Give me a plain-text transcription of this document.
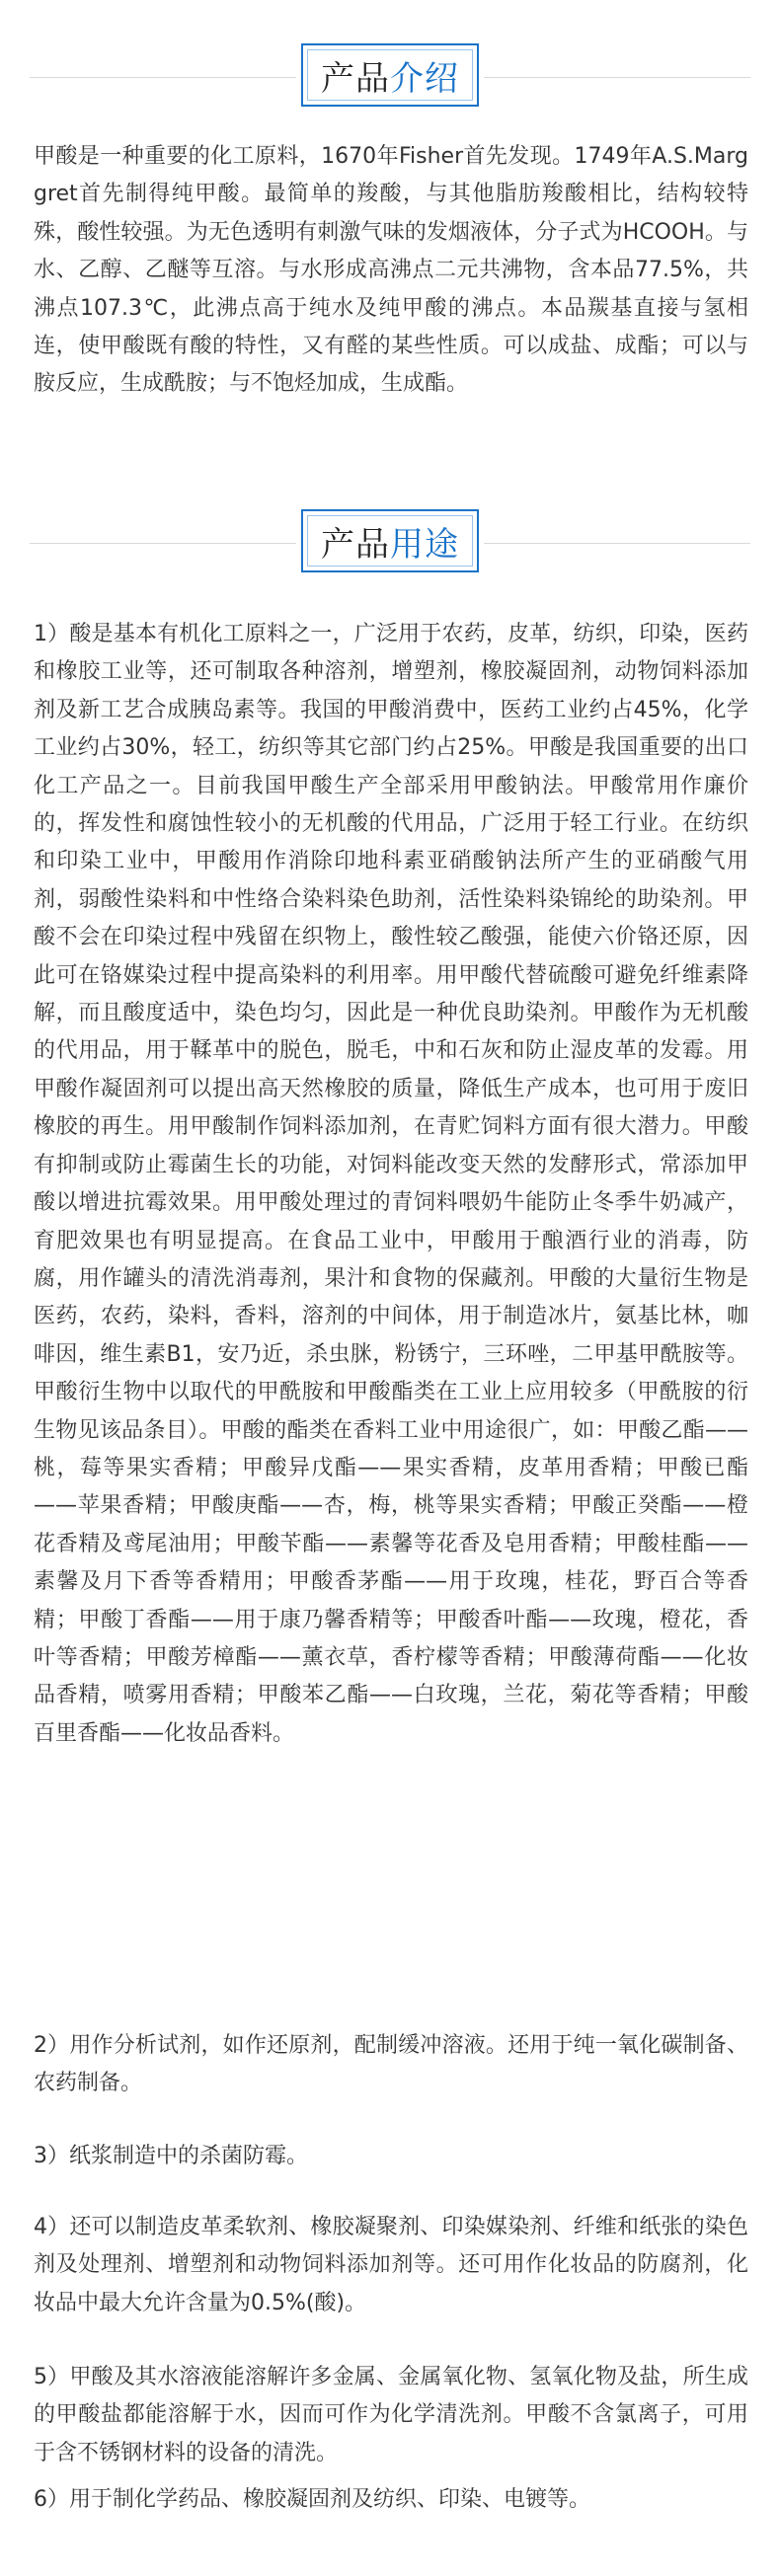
产品 介绍

甲酸是一种重要的化工原料，1670年Fisher首先发现。1749年A.S.Marggret首先制得纯甲酸。最简单的羧酸，与其他脂肪羧酸相比，结构较特殊，酸性较强。为无色透明有刺激气味的发烟液体，分子式为HCOOH。与水、乙醇、乙醚等互溶。与水形成高沸点二元共沸物，含本品77.5%，共沸点107.3℃，此沸点高于纯水及纯甲酸的沸点。本品羰基直接与氢相连，使甲酸既有酸的特性，又有醛的某些性质。可以成盐、成酯；可以与胺反应，生成酰胺；与不饱烃加成，生成酯。

产品 用途

1）酸是基本有机化工原料之一，广泛用于农药，皮革，纺织，印染，医药和橡胶工业等，还可制取各种溶剂，增塑剂，橡胶凝固剂，动物饲料添加剂及新工艺合成胰岛素等。我国的甲酸消费中，医药工业约占45%，化学工业约占30%，轻工，纺织等其它部门约占25%。甲酸是我国重要的出口化工产品之一。目前我国甲酸生产全部采用甲酸钠法。甲酸常用作廉价的，挥发性和腐蚀性较小的无机酸的代用品，广泛用于轻工行业。在纺织和印染工业中，甲酸用作消除印地科素亚硝酸钠法所产生的亚硝酸气用剂，弱酸性染料和中性络合染料染色助剂，活性染料染锦纶的助染剂。甲酸不会在印染过程中残留在织物上，酸性较乙酸强，能使六价铬还原，因此可在铬媒染过程中提高染料的利用率。用甲酸代替硫酸可避免纤维素降解，而且酸度适中，染色均匀，因此是一种优良助染剂。甲酸作为无机酸的代用品，用于鞣革中的脱色，脱毛，中和石灰和防止湿皮革的发霉。用甲酸作凝固剂可以提出高天然橡胶的质量，降低生产成本，也可用于废旧橡胶的再生。用甲酸制作饲料添加剂，在青贮饲料方面有很大潜力。甲酸有抑制或防止霉菌生长的功能，对饲料能改变天然的发酵形式，常添加甲酸以增进抗霉效果。用甲酸处理过的青饲料喂奶牛能防止冬季牛奶减产，育肥效果也有明显提高。在食品工业中，甲酸用于酿酒行业的消毒，防腐，用作罐头的清洗消毒剂，果汁和食物的保藏剂。甲酸的大量衍生物是医药，农药，染料，香料，溶剂的中间体，用于制造冰片，氨基比林，咖啡因，维生素B1，安乃近，杀虫脒，粉锈宁，三环唑，二甲基甲酰胺等。甲酸衍生物中以取代的甲酰胺和甲酸酯类在工业上应用较多（甲酰胺的衍生物见该品条目）。甲酸的酯类在香料工业中用途很广，如：甲酸乙酯——桃，莓等果实香精；甲酸异戊酯——果实香精，皮革用香精；甲酸已酯——苹果香精；甲酸庚酯——杏，梅，桃等果实香精；甲酸正癸酯——橙花香精及鸢尾油用；甲酸苄酯——素馨等花香及皂用香精；甲酸桂酯——素馨及月下香等香精用；甲酸香茅酯——用于玫瑰，桂花，野百合等香精；甲酸丁香酯——用于康乃馨香精等；甲酸香叶酯——玫瑰，橙花，香叶等香精；甲酸芳樟酯——薰衣草，香柠檬等香精；甲酸薄荷酯——化妆品香精，喷雾用香精；甲酸苯乙酯——白玫瑰，兰花，菊花等香精；甲酸百里香酯——化妆品香料。

2）用作分析试剂，如作还原剂，配制缓冲溶液。还用于纯一氧化碳制备、农药制备。

3）纸浆制造中的杀菌防霉。

4）还可以制造皮革柔软剂、橡胶凝聚剂、印染媒染剂、纤维和纸张的染色剂及处理剂、增塑剂和动物饲料添加剂等。还可用作化妆品的防腐剂，化妆品中最大允许含量为0.5%(酸)。

5）甲酸及其水溶液能溶解许多金属、金属氧化物、氢氧化物及盐，所生成的甲酸盐都能溶解于水，因而可作为化学清洗剂。甲酸不含氯离子，可用于含不锈钢材料的设备的清洗。

6）用于制化学药品、橡胶凝固剂及纺织、印染、电镀等。
